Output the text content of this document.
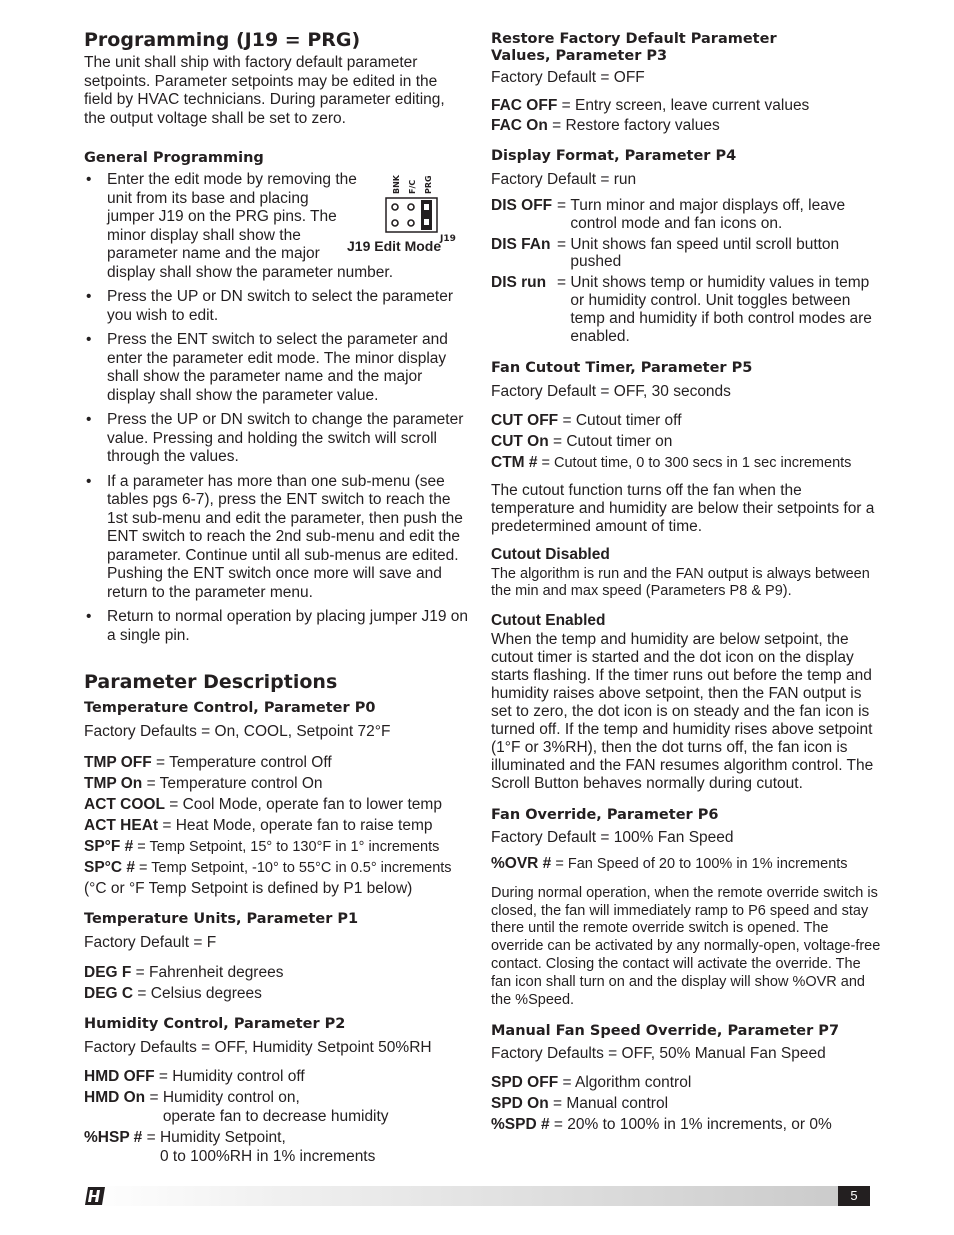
Programming (J19 = PRG)

The unit shall ship with factory default parameter setpoints. Parameter setpoints may be edited in the field by HVAC technicians. During parameter editing, the output voltage shall be set to zero.

General Programming
• BNK F/C PRG
J19
J19 Edit Mode
Enter the edit mode by removing the unit from its base and placing jumper J19 on the PRG pins. The minor display shall show the parameter name and the major display shall show the parameter number.
• Press the UP or DN switch to select the parameter you wish to edit.
• Press the ENT switch to select the parameter and enter the parameter edit mode. The minor display shall show the parameter name and the major display shall show the parameter value.
• Press the UP or DN switch to change the parameter value. Pressing and holding the switch will scroll through the values.
• If a parameter has more than one sub-menu (see tables pgs 6-7), press the ENT switch to reach the 1st sub-menu and edit the parameter, then push the ENT switch to reach the 2nd sub-menu and edit the parameter. Continue until all sub-menus are edited. Pushing the ENT switch once more will save and return to the parameter menu.
• Return to normal operation by placing jumper J19 on a single pin.
Parameter Descriptions
Temperature Control, Parameter P0

Factory Defaults = On, COOL, Setpoint 72°F

TMP OFF = Temperature control Off
TMP On = Temperature control On
ACT COOL = Cool Mode, operate fan to lower temp
ACT HEAt = Heat Mode, operate fan to raise temp
SP°F # = Temp Setpoint, 15° to 130°F in 1° increments
SP°C # = Temp Setpoint, -10° to 55°C in 0.5° increments
(°C or °F Temp Setpoint is defined by P1 below)
Temperature Units, Parameter P1

Factory Default = F

DEG F = Fahrenheit degrees
DEG C = Celsius degrees
Humidity Control, Parameter P2

Factory Defaults = OFF, Humidity Setpoint 50%RH

HMD OFF = Humidity control off
HMD On = Humidity control on,
operate fan to decrease humidity
%HSP # = Humidity Setpoint,
0 to 100%RH in 1% increments
Restore Factory Default Parameter Values, Parameter P3

Factory Default = OFF

FAC OFF = Entry screen, leave current values
FAC On = Restore factory values
Display Format, Parameter P4

Factory Default = run

DIS OFF = Turn minor and major displays off, leave control mode and fan icons on.
DIS FAn = Unit shows fan speed until scroll button pushed
DIS run = Unit shows temp or humidity values in temp or humidity control. Unit toggles between temp and humidity if both control modes are enabled.
Fan Cutout Timer, Parameter P5

Factory Default = OFF, 30 seconds

CUT OFF = Cutout timer off
CUT On = Cutout timer on
CTM # = Cutout time, 0 to 300 secs in 1 sec increments

The cutout function turns off the fan when the temperature and humidity are below their setpoints for a predetermined amount of time.

Cutout Disabled

The algorithm is run and the FAN output is always between the min and max speed (Parameters P8 & P9).

Cutout Enabled

When the temp and humidity are below setpoint, the cutout timer is started and the dot icon on the display starts flashing. If the timer runs out before the temp and humidity raises above setpoint, then the FAN output is set to zero, the dot icon is on steady and the fan icon is turned off. If the temp and humidity rises above setpoint (1°F or 3%RH), then the dot turns off, the fan icon is illuminated and the FAN resumes algorithm control. The Scroll Button behaves normally during cutout.

Fan Override, Parameter P6

Factory Default = 100% Fan Speed

%OVR # = Fan Speed of 20 to 100% in 1% increments

During normal operation, when the remote override switch is closed, the fan will immediately ramp to P6 speed and stay there until the remote override switch is opened. The override can be activated by any normally-open, voltage-free contact. Closing the contact will activate the override. The fan icon shall turn on and the display will show %OVR and the %Speed.

Manual Fan Speed Override, Parameter P7

Factory Defaults = OFF, 50% Manual Fan Speed

SPD OFF = Algorithm control
SPD On = Manual control
%SPD # = 20% to 100% in 1% increments, or 0%
5
